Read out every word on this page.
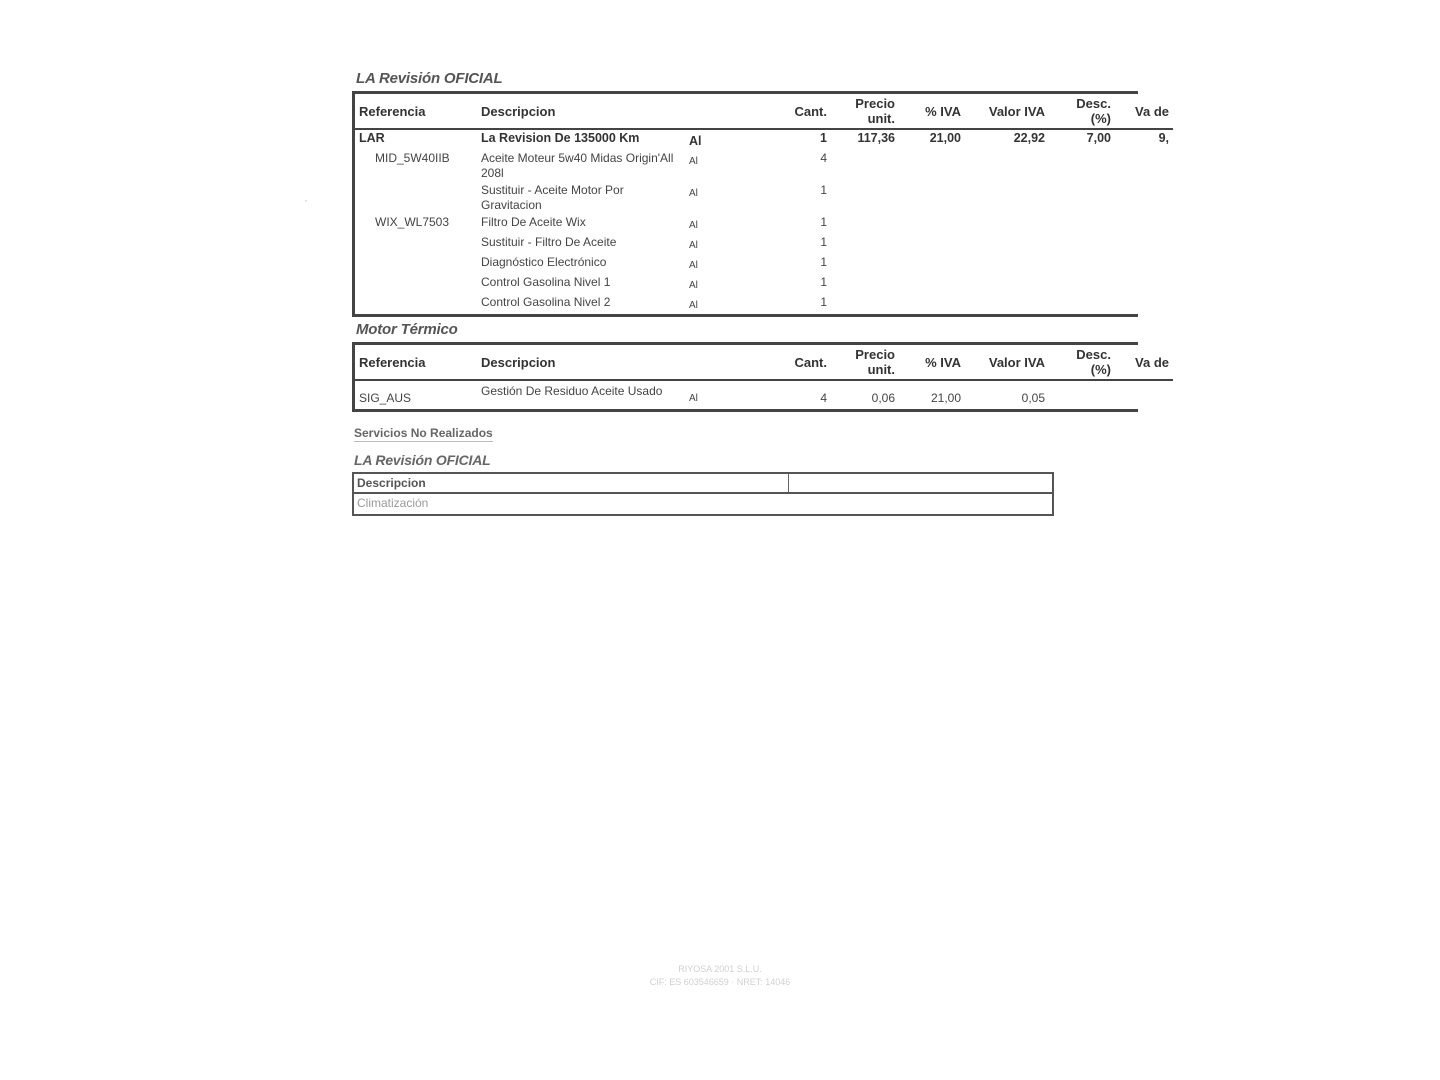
LA Revisión OFICIAL
Referencia	Descripcion		Cant.	Precio unit.	% IVA	Valor IVA	Desc. (%)	Va de
LAR	La Revision De 135000 Km	Al	1	117,36	21,00	22,92	7,00	9,
MID_5W40IIB	Aceite Moteur 5w40 Midas Origin'All 208l	Al	4					
	Sustituir - Aceite Motor Por Gravitacion	Al	1					
WIX_WL7503	Filtro De Aceite Wix	Al	1					
	Sustituir - Filtro De Aceite	Al	1					
	Diagnóstico Electrónico	Al	1					
	Control Gasolina Nivel 1	Al	1					
	Control Gasolina Nivel 2	Al	1					
Motor Térmico
Referencia	Descripcion		Cant.	Precio unit.	% IVA	Valor IVA	Desc. (%)	Va de
SIG_AUS	Gestión De Residuo Aceite Usado	Al	4	0,06	21,00	0,05		
Servicios No Realizados
LA Revisión OFICIAL
Descripcion
Climatización
·
RIYOSA 2001 S.L.U.
CIF: ES 603546659 · NRET: 14046
